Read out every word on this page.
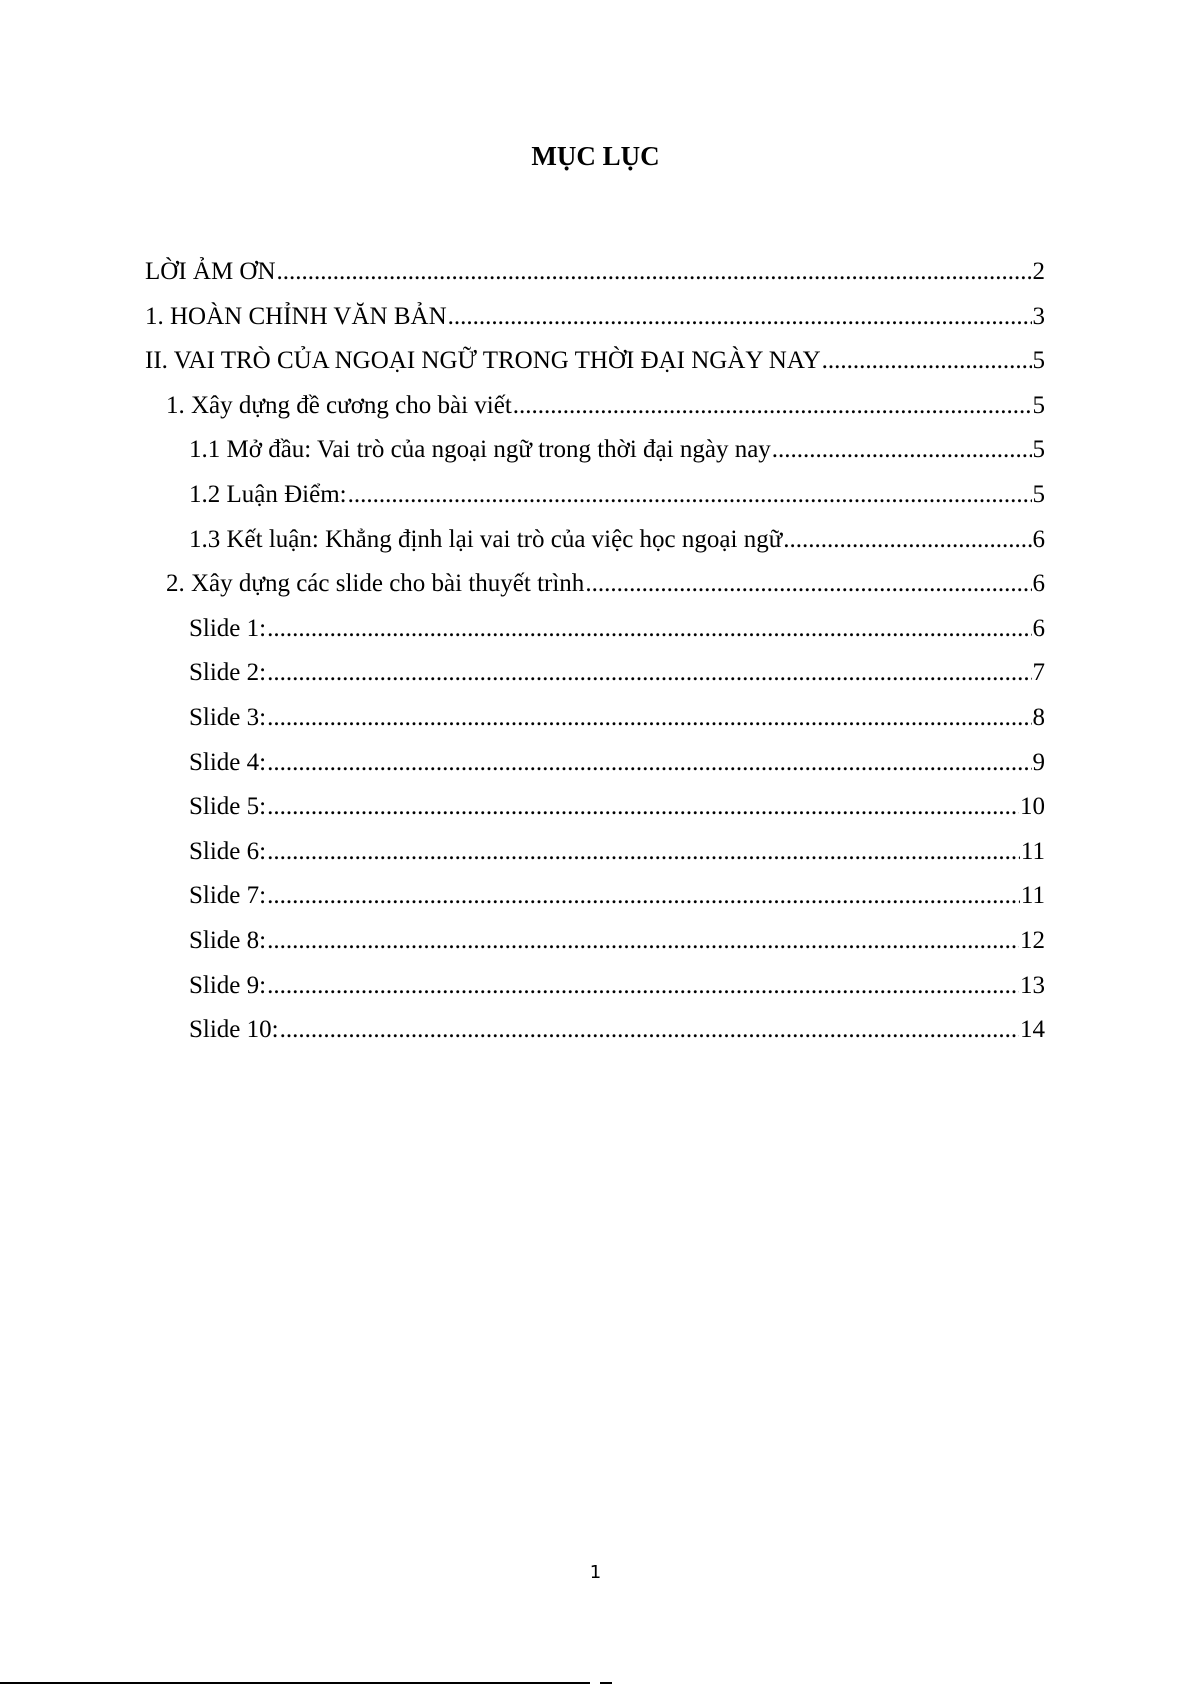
MỤC LỤC
LỜI ẢM ƠN .....	2
1. HOÀN CHỈNH VĂN BẢN .....	3
II. VAI TRÒ CỦA NGOẠI NGỮ TRONG THỜI ĐẠI NGÀY NAY .....	5
1. Xây dựng đề cương cho bài viết .....	5
1.1 Mở đầu: Vai trò của ngoại ngữ trong thời đại ngày nay .....	5
1.2 Luận Điểm: .....	5
1.3 Kết luận: Khẳng định lại vai trò của việc học ngoại ngữ .....	6
2. Xây dựng các slide cho bài thuyết trình .....	6
Slide 1: .....	6
Slide 2: .....	7
Slide 3: .....	8
Slide 4: .....	9
Slide 5: .....	10
Slide 6: .....	11
Slide 7: .....	11
Slide 8: .....	12
Slide 9: .....	13
Slide 10: .....	14
1
